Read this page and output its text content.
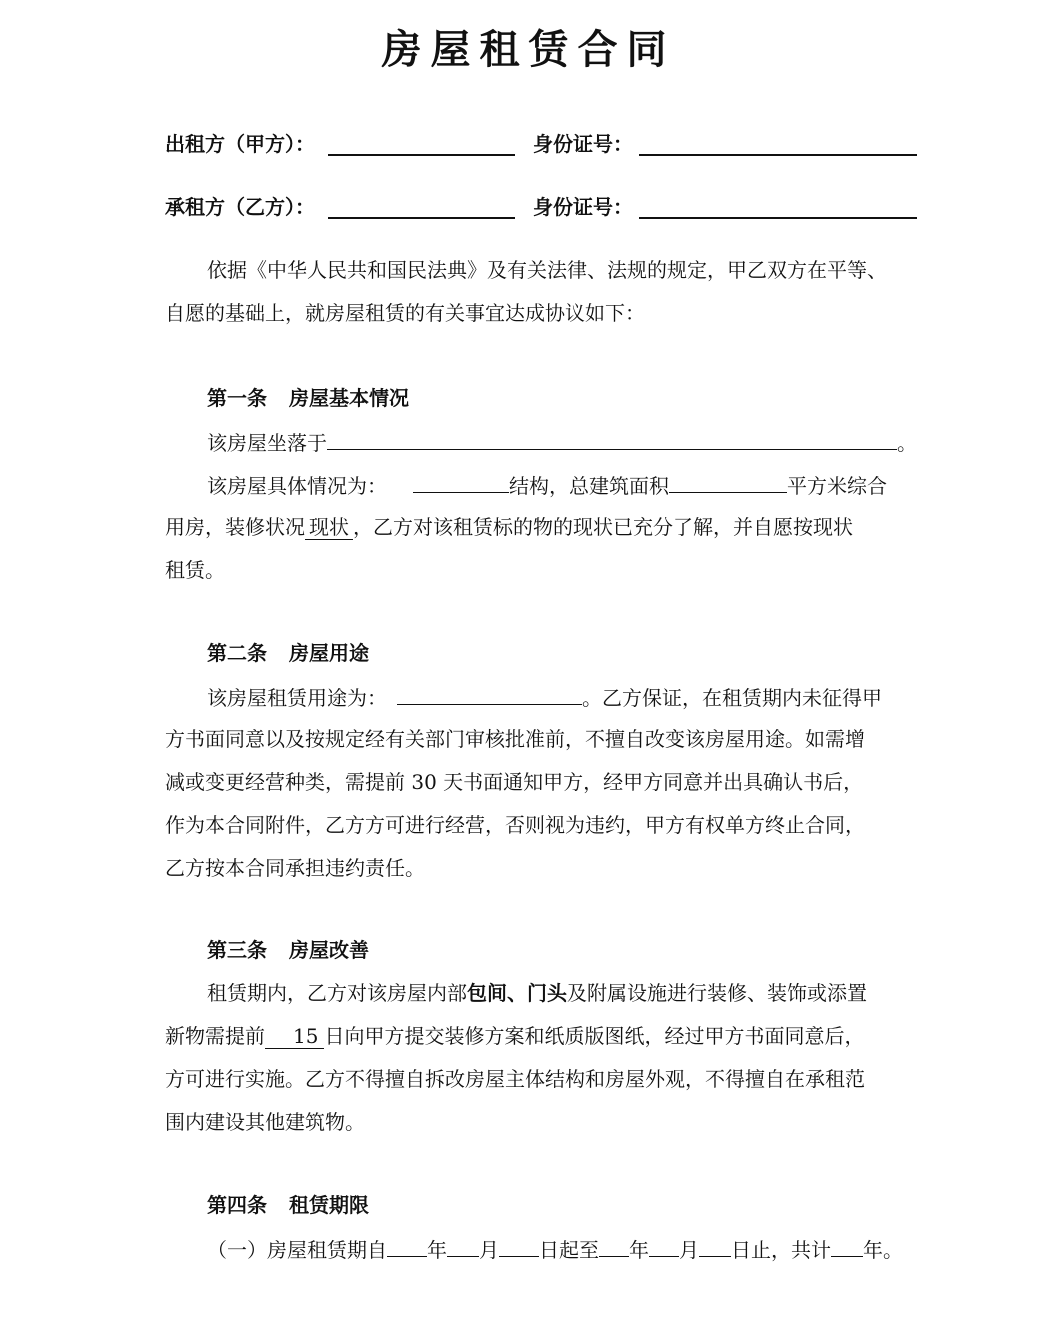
房屋租赁合同
出租方（甲方）：	身份证号：
承租方（乙方）：	身份证号：
依据《中华人民共和国民法典》及有关法律、法规的规定，甲乙双方在平等、
自愿的基础上，就房屋租赁的有关事宜达成协议如下：
第一条 房屋基本情况
该房屋坐落于	。
该房屋具体情况为：	结构，总建筑面积	平方米综合
用房，装修状况 现状 ，乙方对该租赁标的物的现状已充分了解，并自愿按现状
租赁。
第二条 房屋用途
该房屋租赁用途为：	。乙方保证，在租赁期内未征得甲
方书面同意以及按规定经有关部门审核批准前，不擅自改变该房屋用途。如需增
减或变更经营种类，需提前 30 天书面通知甲方，经甲方同意并出具确认书后，
作为本合同附件，乙方方可进行经营，否则视为违约，甲方有权单方终止合同，
乙方按本合同承担违约责任。
第三条 房屋改善
租赁期内，乙方对该房屋内部包间、门头及附属设施进行装修、装饰或添置
新物需提前 15 日向甲方提交装修方案和纸质版图纸，经过甲方书面同意后，
方可进行实施。乙方不得擅自拆改房屋主体结构和房屋外观，不得擅自在承租范
围内建设其他建筑物。
第四条 租赁期限
（一）房屋租赁期自 年 月 日起至 年 月 日止，共计 年。
